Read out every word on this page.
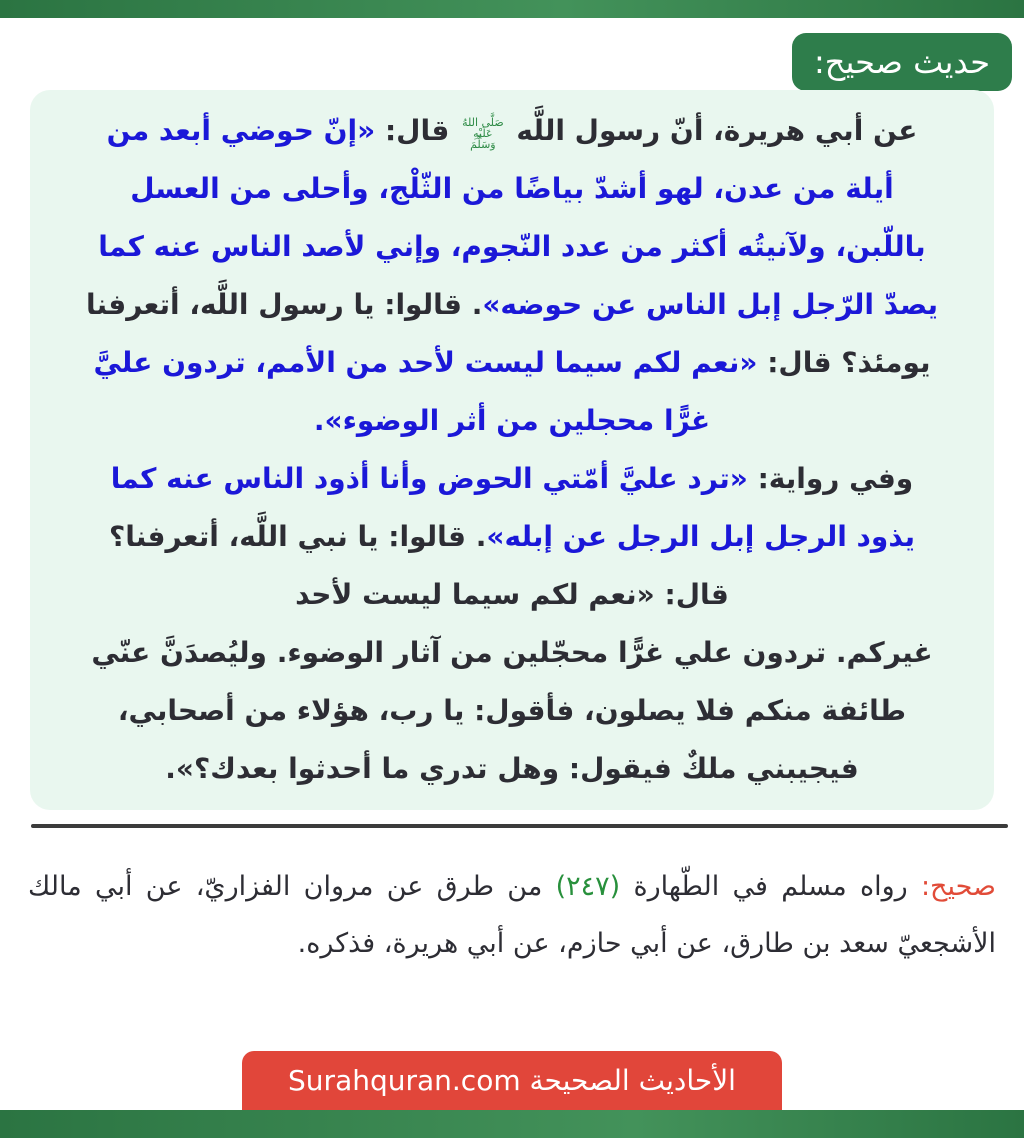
حديث صحيح:
عن أبي هريرة، أنّ رسول اللَّه
صَلَّى اللهُ
عَلَيْهِ
وَسَلَّمَ
قال: «إنّ حوضي أبعد من
أيلة من عدن، لهو أشدّ بياضًا من الثّلْج، وأحلى من العسل
باللّبن، ولآنيتُه أكثر من عدد النّجوم، وإني لأصد الناس عنه كما
يصدّ الرّجل إبل الناس عن حوضه». قالوا: يا رسول اللَّه، أتعرفنا
يومئذ؟ قال: «نعم لكم سيما ليست لأحد من الأمم، تردون عليَّ
غرًّا محجلين من أثر الوضوء».
وفي رواية: «ترد عليَّ أمّتي الحوض وأنا أذود الناس عنه كما
يذود الرجل إبل الرجل عن إبله». قالوا: يا نبي اللَّه، أتعرفنا؟
قال: «نعم لكم سيما ليست لأحد
غيركم. تردون علي غرًّا محجّلين من آثار الوضوء. وليُصدَنَّ عنّي
طائفة منكم فلا يصلون، فأقول: يا رب، هؤلاء من أصحابي،
فيجيبني ملكٌ فيقول: وهل تدري ما أحدثوا بعدك؟».
صحيح: رواه مسلم في الطّهارة (٢٤٧) من طرق عن مروان الفزاريّ، عن أبي مالك الأشجعيّ سعد بن طارق، عن أبي حازم، عن أبي هريرة، فذكره.
الأحاديث الصحيحة Surahquran.com
